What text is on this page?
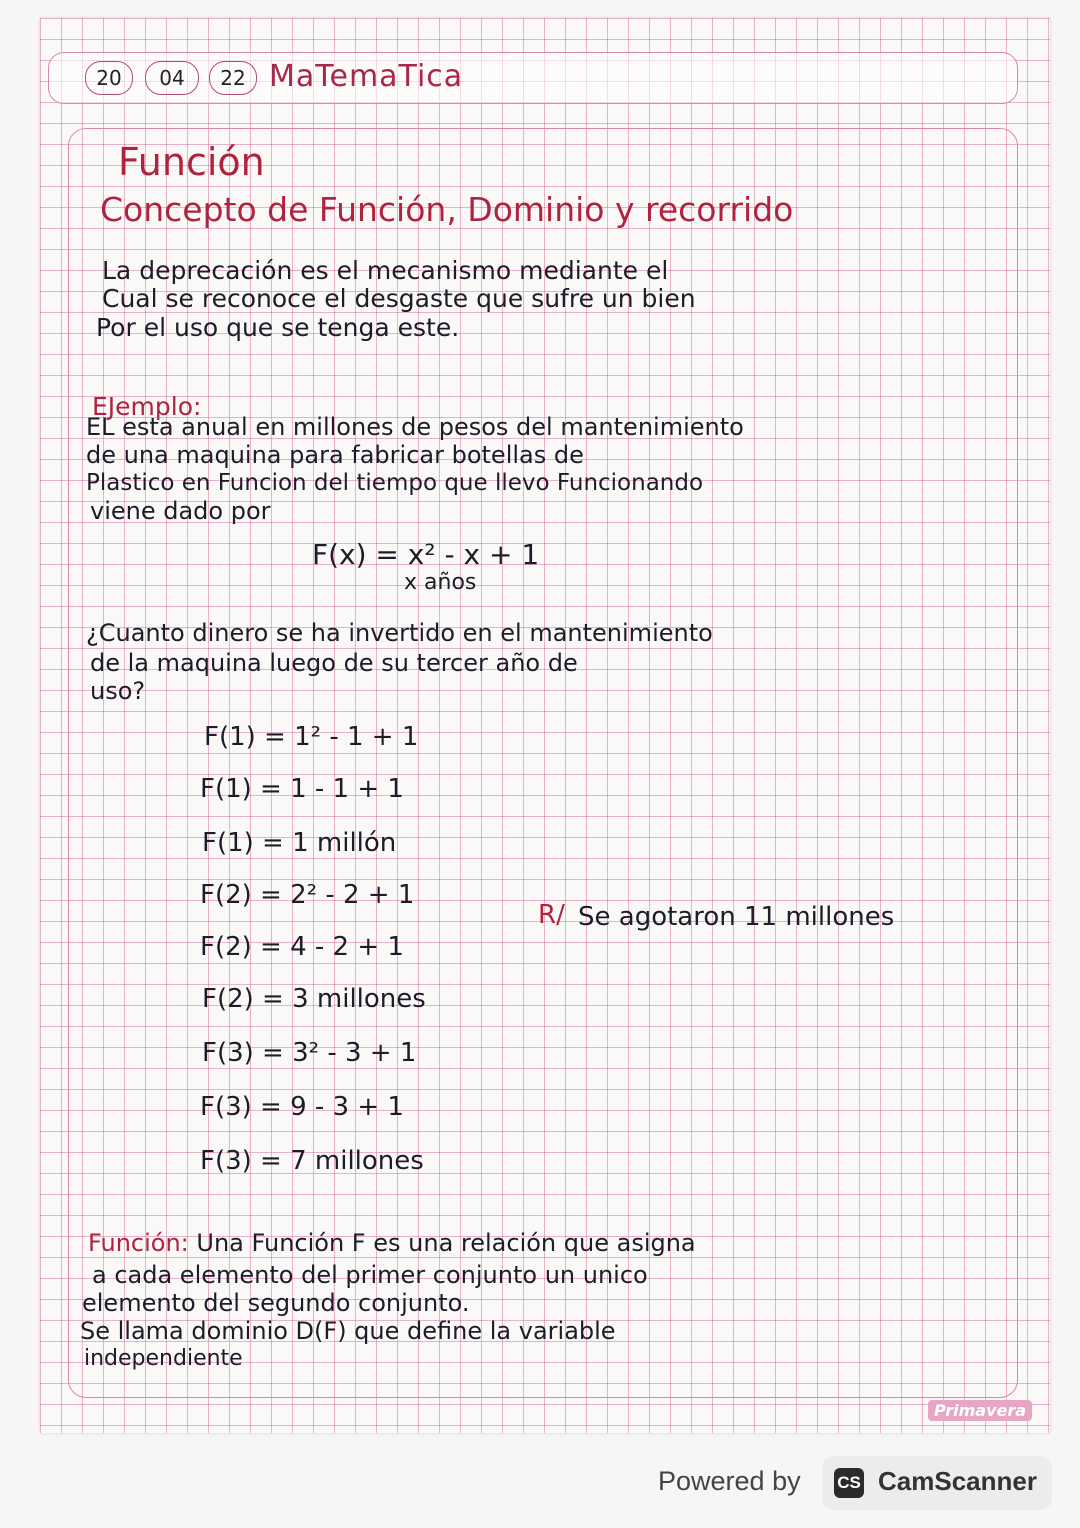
20	04	22 MaTemaTica
Función
Concepto de Función, Dominio y recorrido
La deprecación es el mecanismo mediante el
Cual se reconoce el desgaste que sufre un bien
Por el uso que se tenga este.
EJemplo:
EL esta anual en millones de pesos del mantenimiento
de una maquina para fabricar botellas de
Plastico en Funcion del tiempo que llevo Funcionando
viene dado por
F(x) = x² - x + 1
x años
¿Cuanto dinero se ha invertido en el mantenimiento
de la maquina luego de su tercer año de
uso?
F(1) = 1² - 1 + 1
F(1) = 1 - 1 + 1
F(1) = 1 millón
F(2) = 2² - 2 + 1
F(2) = 4 - 2 + 1
F(2) = 3 millones
F(3) = 3² - 3 + 1
F(3) = 9 - 3 + 1
F(3) = 7 millones
R/ Se agotaron 11 millones
Función: Una Función F es una relación que asigna
a cada elemento del primer conjunto un unico
elemento del segundo conjunto.
Se llama dominio D(F) que define la variable
independiente
Primavera
Powered by CS CamScanner
